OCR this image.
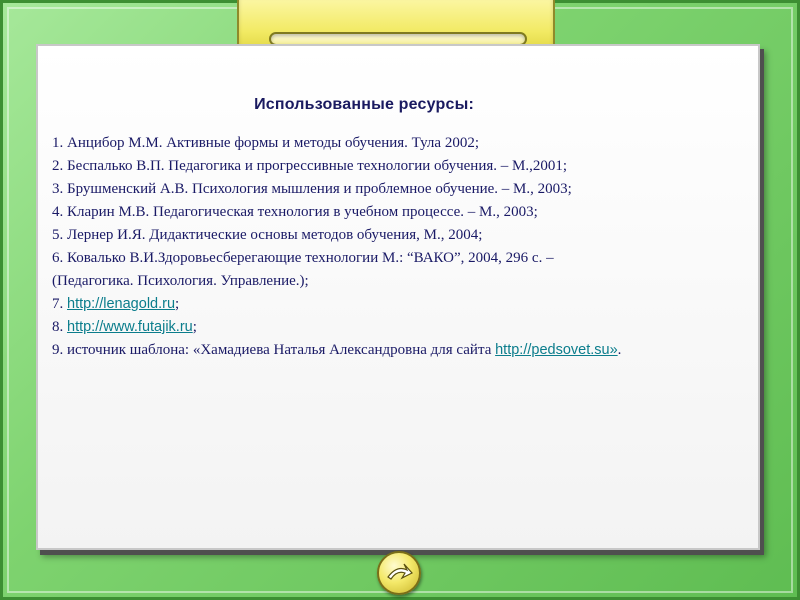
Использованные ресурсы:
1. Анцибор М.М. Активные формы и методы обучения. Тула 2002;
2. Беспалько В.П. Педагогика и прогрессивные технологии обучения. – М.,2001;
3. Брушменский А.В. Психология мышления и проблемное обучение. – М., 2003;
4. Кларин М.В. Педагогическая технология в учебном процессе. – М., 2003;
5. Лернер И.Я. Дидактические основы методов обучения, М., 2004;
6. Ковалько В.И.Здоровьесберегающие технологии М.: “ВАКО”, 2004, 296 с. –
(Педагогика. Психология. Управление.);
7. http://lenagold.ru;
8. http://www.futajik.ru;
9. источник шаблона: «Хамадиева Наталья Александровна для сайта http://pedsovet.su».
